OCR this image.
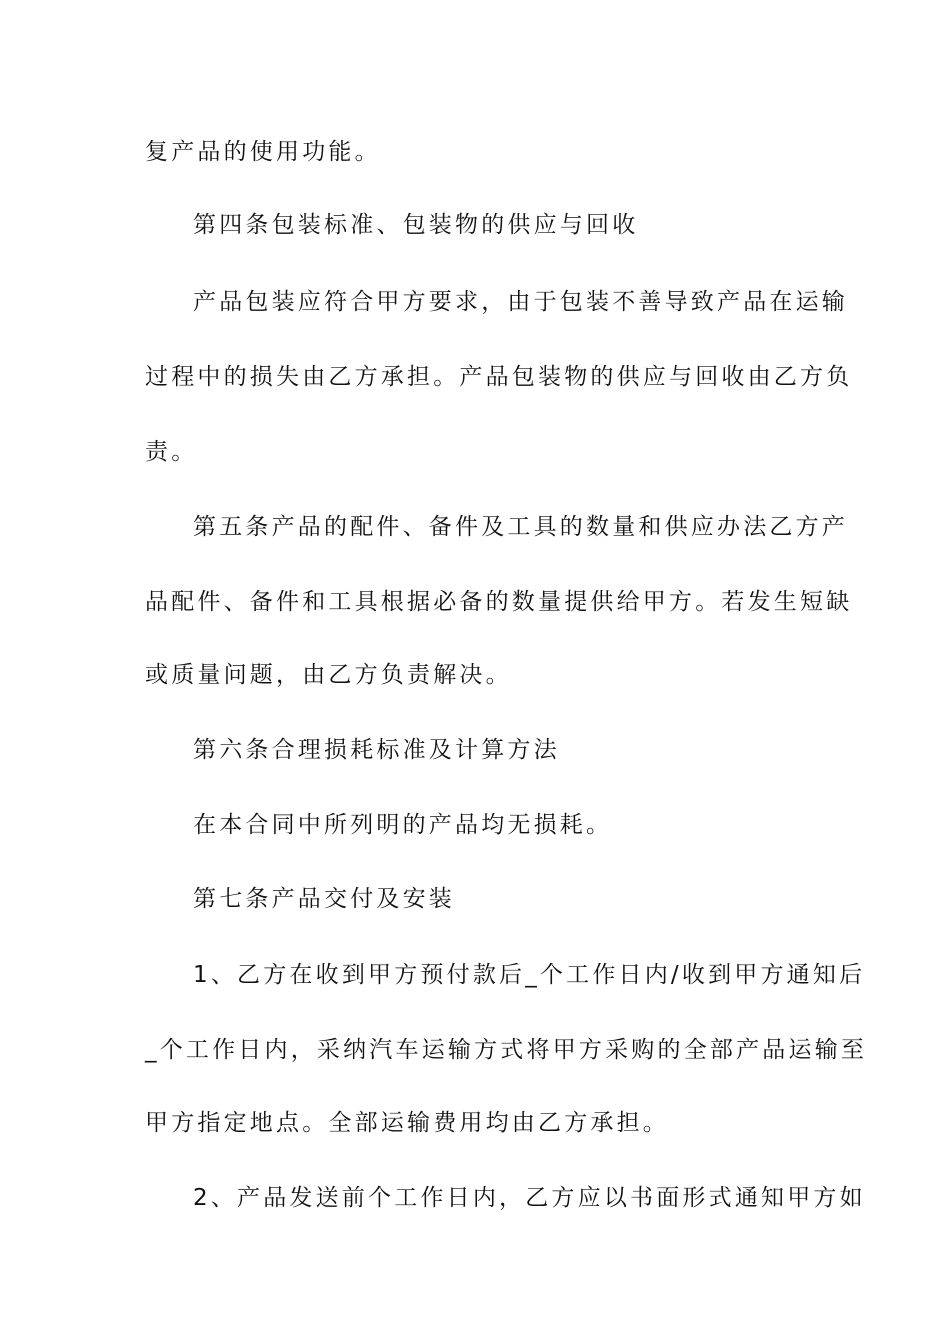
复产品的使用功能。
第四条包装标准、包装物的供应与回收
产品包装应符合甲方要求，由于包装不善导致产品在运输
过程中的损失由乙方承担。产品包装物的供应与回收由乙方负
责。
第五条产品的配件、备件及工具的数量和供应办法乙方产
品配件、备件和工具根据必备的数量提供给甲方。若发生短缺
或质量问题，由乙方负责解决。
第六条合理损耗标准及计算方法
在本合同中所列明的产品均无损耗。
第七条产品交付及安装
1、乙方在收到甲方预付款后_个工作日内/收到甲方通知后
_个工作日内，采纳汽车运输方式将甲方采购的全部产品运输至
甲方指定地点。全部运输费用均由乙方承担。
2、产品发送前个工作日内，乙方应以书面形式通知甲方如
